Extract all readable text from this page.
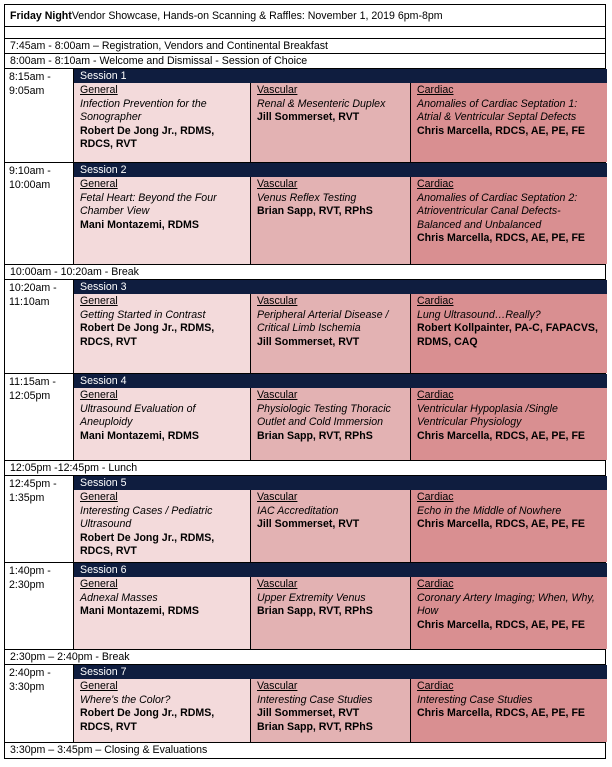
Friday Night Vendor Showcase, Hands-on Scanning & Raffles: November 1, 2019 6pm-8pm
7:45am - 8:00am – Registration, Vendors and Continental Breakfast
8:00am - 8:10am - Welcome and Dismissal - Session of Choice
8:15am -
9:05am
Session 1
General
Infection Prevention for the Sonographer
Robert De Jong Jr., RDMS, RDCS, RVT
Vascular
Renal & Mesenteric Duplex
Jill Sommerset, RVT
Cardiac
Anomalies of Cardiac Septation 1: Atrial & Ventricular Septal Defects
Chris Marcella, RDCS, AE, PE, FE
9:10am -
10:00am
Session 2
General
Fetal Heart: Beyond the Four Chamber View
Mani Montazemi, RDMS
Vascular
Venus Reflex Testing
Brian Sapp, RVT, RPhS
Cardiac
Anomalies of Cardiac Septation 2: Atrioventricular Canal Defects- Balanced and Unbalanced
Chris Marcella, RDCS, AE, PE, FE
10:00am - 10:20am - Break
10:20am -
11:10am
Session 3
General
Getting Started in Contrast
Robert De Jong Jr., RDMS, RDCS, RVT
Vascular
Peripheral Arterial Disease / Critical Limb Ischemia
Jill Sommerset, RVT
Cardiac
Lung Ultrasound…Really?
Robert Kollpainter, PA-C, FAPACVS, RDMS, CAQ
11:15am -
12:05pm
Session 4
General
Ultrasound Evaluation of Aneuploidy
Mani Montazemi, RDMS
Vascular
Physiologic Testing Thoracic Outlet and Cold Immersion
Brian Sapp, RVT, RPhS
Cardiac
Ventricular Hypoplasia /Single Ventricular Physiology
Chris Marcella, RDCS, AE, PE, FE
12:05pm -12:45pm - Lunch
12:45pm -
1:35pm
Session 5
General
Interesting Cases / Pediatric Ultrasound
Robert De Jong Jr., RDMS, RDCS, RVT
Vascular
IAC Accreditation
Jill Sommerset, RVT
Cardiac
Echo in the Middle of Nowhere
Chris Marcella, RDCS, AE, PE, FE
1:40pm -
2:30pm
Session 6
General
Adnexal Masses
Mani Montazemi, RDMS
Vascular
Upper Extremity Venus
Brian Sapp, RVT, RPhS
Cardiac
Coronary Artery Imaging; When, Why, How
Chris Marcella, RDCS, AE, PE, FE
2:30pm – 2:40pm - Break
2:40pm -
3:30pm
Session 7
General
Where's the Color?
Robert De Jong Jr., RDMS, RDCS, RVT
Vascular
Interesting Case Studies
Jill Sommerset, RVT
Brian Sapp, RVT, RPhS
Cardiac
Interesting Case Studies
Chris Marcella, RDCS, AE, PE, FE
3:30pm – 3:45pm – Closing & Evaluations
